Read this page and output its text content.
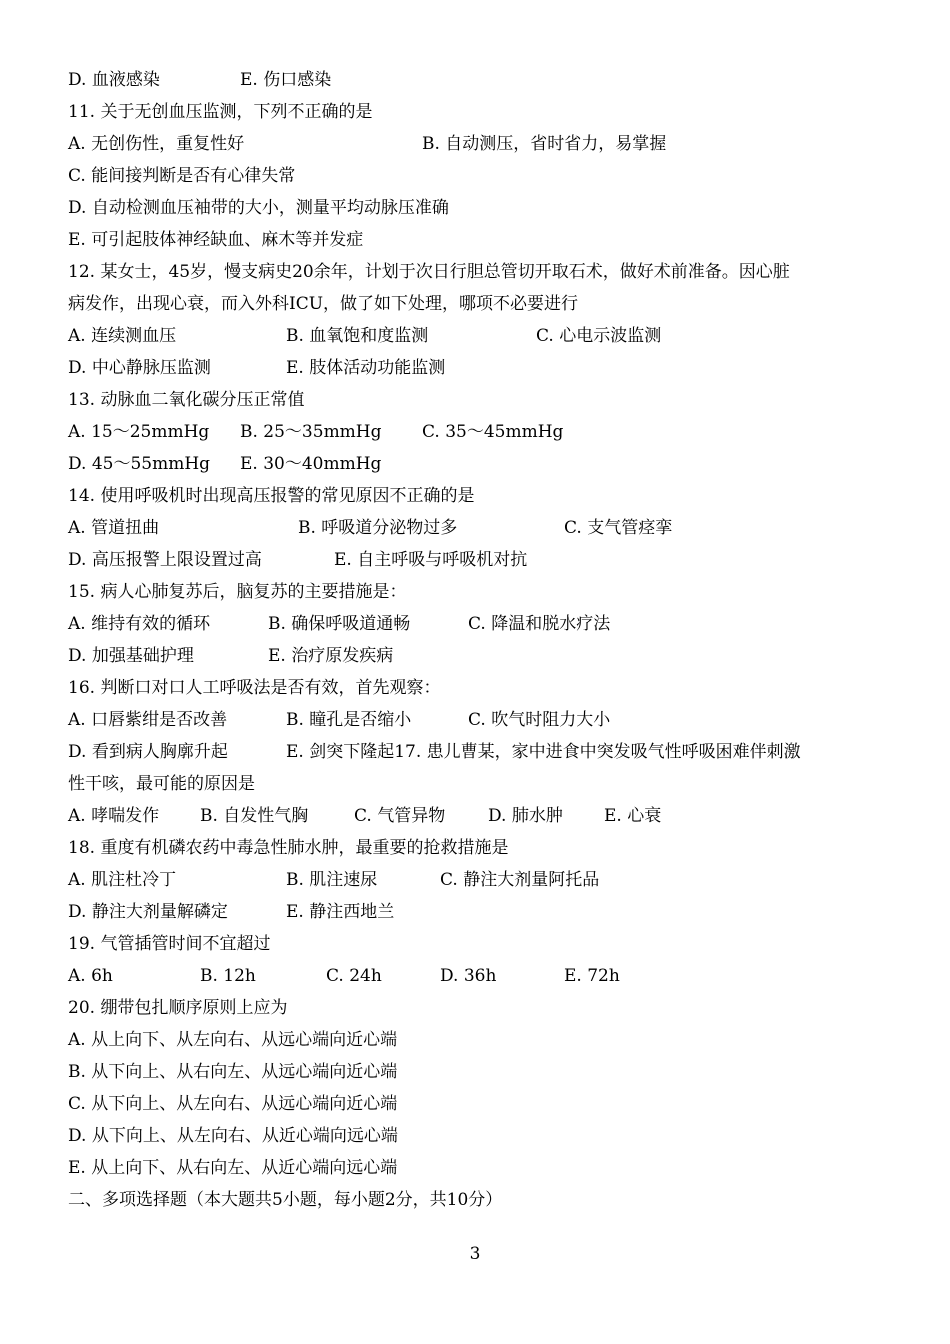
D. 血液感染	E. 伤口感染
11. 关于无创血压监测，下列不正确的是
A. 无创伤性，重复性好	B. 自动测压，省时省力，易掌握
C. 能间接判断是否有心律失常
D. 自动检测血压袖带的大小，测量平均动脉压准确
E. 可引起肢体神经缺血、麻木等并发症
12. 某女士，45岁，慢支病史20余年，计划于次日行胆总管切开取石术，做好术前准备。因心脏
病发作，出现心衰，而入外科ICU，做了如下处理，哪项不必要进行
A. 连续测血压	B. 血氧饱和度监测	C. 心电示波监测
D. 中心静脉压监测	E. 肢体活动功能监测
13. 动脉血二氧化碳分压正常值
A. 15～25mmHg B. 25～35mmHg C. 35～45mmHg
D. 45～55mmHg E. 30～40mmHg
14. 使用呼吸机时出现高压报警的常见原因不正确的是
A. 管道扭曲	B. 呼吸道分泌物过多	C. 支气管痉挛
D. 高压报警上限设置过高	E. 自主呼吸与呼吸机对抗
15. 病人心肺复苏后，脑复苏的主要措施是：
A. 维持有效的循环	B. 确保呼吸道通畅	C. 降温和脱水疗法
D. 加强基础护理	E. 治疗原发疾病
16. 判断口对口人工呼吸法是否有效，首先观察：
A. 口唇紫绀是否改善	B. 瞳孔是否缩小	C. 吹气时阻力大小
D. 看到病人胸廓升起	E. 剑突下隆起17. 患儿曹某，家中进食中突发吸气性呼吸困难伴刺激
性干咳，最可能的原因是
A. 哮喘发作 B. 自发性气胸	C. 气管异物	D. 肺水肿 E. 心衰
18. 重度有机磷农药中毒急性肺水肿，最重要的抢救措施是
A. 肌注杜冷丁	B. 肌注速尿	C. 静注大剂量阿托品
D. 静注大剂量解磷定	E. 静注西地兰
19. 气管插管时间不宜超过
A. 6h	B. 12h	C. 24h	D. 36h	E. 72h
20. 绷带包扎顺序原则上应为
A. 从上向下、从左向右、从远心端向近心端
B. 从下向上、从右向左、从远心端向近心端
C. 从下向上、从左向右、从远心端向近心端
D. 从下向上、从左向右、从近心端向远心端
E. 从上向下、从右向左、从近心端向远心端
二、多项选择题（本大题共5小题，每小题2分，共10分）
3
